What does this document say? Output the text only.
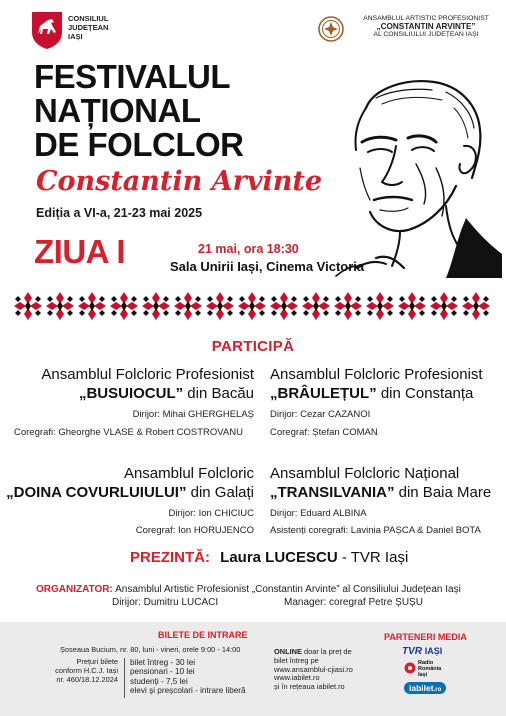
CONSILIUL
JUDEȚEAN
IAȘI
ANSAMBLUL ARTISTIC PROFESIONIST
„CONSTANTIN ARVINTE”
AL CONSILIULUI JUDEȚEAN IAȘI
FESTIVALUL
NAȚIONAL
DE FOLCLOR
Constantin Arvinte
Ediția a VI-a, 21-23 mai 2025
ZIUA I	21 mai, ora 18:30
Sala Unirii Iași, Cinema Victoria
PARTICIPĂ
Ansamblul Folcloric Profesionist
„BUSUIOCUL” din Bacău
Dirijor: Mihai GHERGHELAȘ
Coregrafi: Gheorghe VLASE & Robert COSTROVANU
Ansamblul Folcloric Profesionist
„BRÂULEȚUL” din Constanța
Dirijor: Cezar CAZANOI
Coregraf: Ștefan COMAN
Ansamblul Folcloric
„DOINA COVURLUIULUI” din Galați
Dirijor: Ion CHICIUC
Coregraf: Ion HORUJENCO
Ansamblul Folcloric Național
„TRANSILVANIA” din Baia Mare
Dirijor: Eduard ALBINA
Asistenți coregrafi: Lavinia PAȘCA & Daniel BOTA
PREZINTĂ: Laura LUCESCU - TVR Iași
ORGANIZATOR: Ansamblul Artistic Profesionist „Constantin Arvinte” al Consiliului Județean Iași
Dirijor: Dumitru LUCACI	Manager: coregraf Petre ȘUȘU
BILETE DE INTRARE
Șoseaua Bucium, nr. 80, luni - vineri, orele 9:00 - 14:00
Prețuri bilete
conform H.C.J. Iași
nr. 460/18.12.2024
bilet întreg - 30 lei
pensionari - 10 lei
studenți - 7,5 lei
elevi și preșcolari - intrare liberă
ONLINE doar la preț de
bilet întreg pe
www.ansamblul-cjiasi.ro
www.iabilet.ro
și în rețeaua iabilet.ro
PARTENERI MEDIA
TVR IAȘI
Radio
România
Iași
iabilet.ro
